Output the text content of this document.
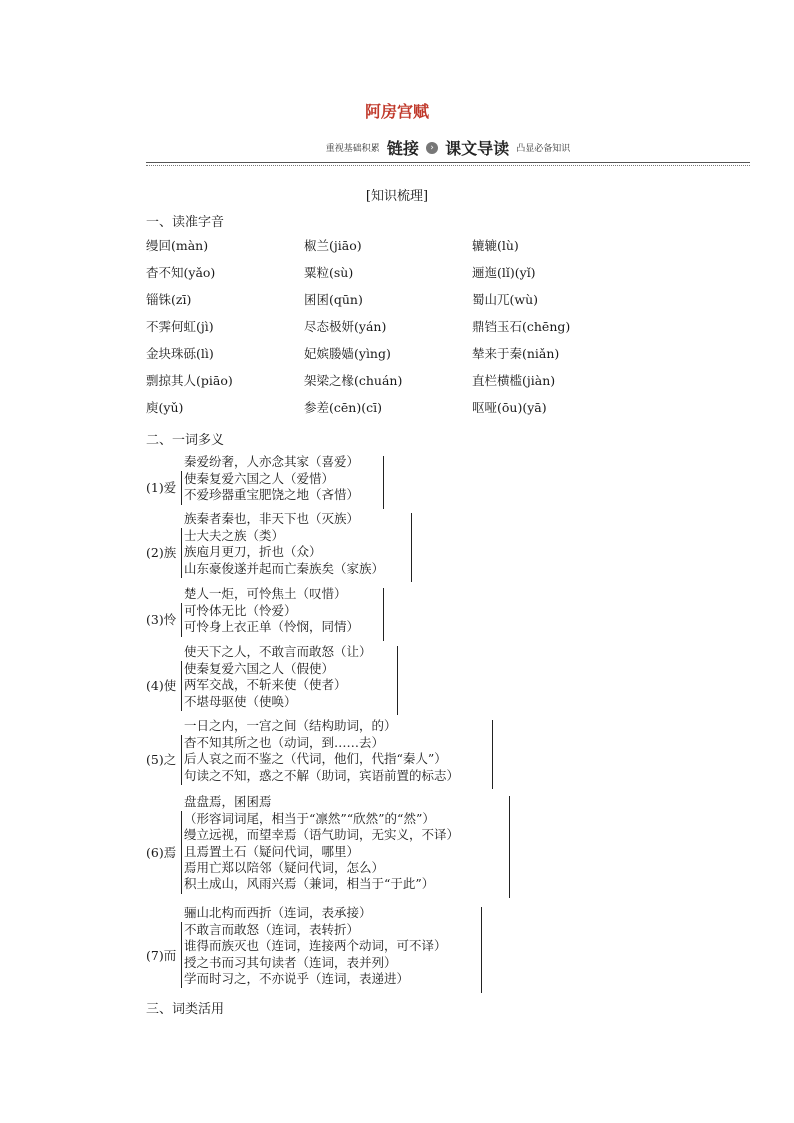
阿房宫赋
重视基础积累 链接 › 课文导读 凸显必备知识
[知识梳理]
一、读准字音
缦回(màn)	椒兰(jiāo)	辘辘(lù)
杳不知(yǎo)	粟粒(sù)	逦迤(lǐ)(yǐ)
锱铢(zī)	囷囷(qūn)	蜀山兀(wù)
不霁何虹(jì)	尽态极妍(yán)	鼎铛玉石(chēng)
金块珠砾(lì)	妃嫔媵嫱(yìng)	辇来于秦(niǎn)
剽掠其人(piāo)	架梁之椽(chuán)	直栏横槛(jiàn)
庾(yǔ)	参差(cēn)(cī)	呕哑(ōu)(yā)
二、一词多义
秦爱纷奢，人亦念其家（喜爱）
(1)爱
使秦复爱六国之人（爱惜）
不爱珍器重宝肥饶之地（吝惜）
族秦者秦也，非天下也（灭族）
(2)族
士大夫之族（类）
族庖月更刀，折也（众）
山东豪俊遂并起而亡秦族矣（家族）
楚人一炬，可怜焦土（叹惜）
(3)怜
可怜体无比（怜爱）
可怜身上衣正单（怜悯，同情）
使天下之人，不敢言而敢怒（让）
(4)使
使秦复爱六国之人（假使）
两军交战，不斩来使（使者）
不堪母驱使（使唤）
一日之内，一宫之间（结构助词，的）
(5)之
杳不知其所之也（动词，到……去）
后人哀之而不鉴之（代词，他们，代指“秦人”）
句读之不知，惑之不解（助词，宾语前置的标志）
盘盘焉，囷囷焉
(6)焉
（形容词词尾，相当于“凛然”“欣然”的“然”）
缦立远视，而望幸焉（语气助词，无实义，不译）
且焉置土石（疑问代词，哪里）
焉用亡郑以陪邻（疑问代词，怎么）
积土成山，风雨兴焉（兼词，相当于“于此”）
骊山北构而西折（连词，表承接）
(7)而
不敢言而敢怒（连词，表转折）
谁得而族灭也（连词，连接两个动词，可不译）
授之书而习其句读者（连词，表并列）
学而时习之，不亦说乎（连词，表递进）
三、词类活用
